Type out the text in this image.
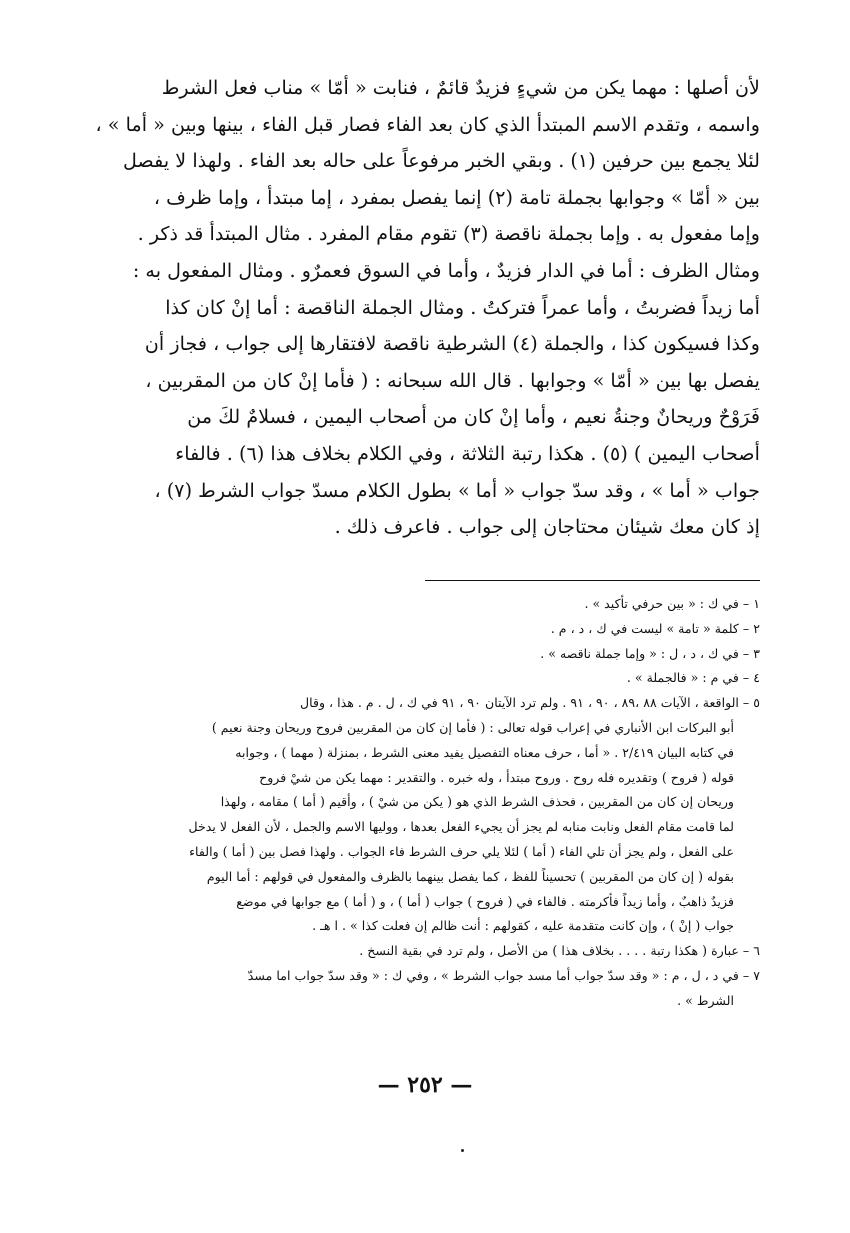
لأن أصلها : مهما يكن من شيءٍ فزيدٌ قائمٌ ، فنابت « أمّا » مناب فعل الشرط
واسمه ، وتقدم الاسم المبتدأ الذي كان بعد الفاء فصار قبل الفاء ، بينها وبين « أما » ،
لئلا يجمع بين حرفين (١) . وبقي الخبر مرفوعاً على حاله بعد الفاء . ولهذا لا يفصل
بين « أمّا » وجوابها بجملة تامة (٢) إنما يفصل بمفرد ، إما مبتدأ ، وإما ظرف ،
وإما مفعول به . وإما بجملة ناقصة (٣) تقوم مقام المفرد . مثال المبتدأ قد ذكر .
ومثال الظرف : أما في الدار فزيدٌ ، وأما في السوق فعمرٌو . ومثال المفعول به :
أما زيداً فضربتُ ، وأما عمراً فتركتُ . ومثال الجملة الناقصة : أما إنْ كان كذا
وكذا فسيكون كذا ، والجملة (٤) الشرطية ناقصة لافتقارها إلى جواب ، فجاز أن
يفصل بها بين « أمّا » وجوابها . قال الله سبحانه : ( فأما إنْ كان من المقربين ،
فَرَوْحٌ وريحانٌ وجنةُ نعيم ، وأما إنْ كان من أصحاب اليمين ، فسلامٌ لكَ من
أصحاب اليمين ) (٥) . هكذا رتبة الثلاثة ، وفي الكلام بخلاف هذا (٦) . فالفاء
جواب « أما » ، وقد سدّ جواب « أما » بطول الكلام مسدّ جواب الشرط (٧) ،
إذ كان معك شيئان محتاجان إلى جواب . فاعرف ذلك .
١ – في ك : « بين حرفي تأكيد » .
٢ – كلمة « تامة » ليست في ك ، د ، م .
٣ – في ك ، د ، ل : « وإما جملة ناقصه » .
٤ – في م : « فالجملة » .
٥ – الواقعة ، الآيات ٨٨ ،٨٩ ، ٩٠ ، ٩١ . ولم ترد الآيتان ٩٠ ، ٩١ في ك ، ل . م . هذا ، وقال
أبو البركات ابن الأنباري في إعراب قوله تعالى : ( فأما إن كان من المقربين فروح وريحان وجنة نعيم )
في كتابه البيان ٢/٤١٩ . « أما ، حرف معناه التفصيل يفيد معنى الشرط ، بمنزلة ( مهما ) ، وجوابه
قوله ( فروح ) وتقديره فله روح . وروح مبتدأ ، وله خبره . والتقدير : مهما يكن من شيْ فروح
وريحان إن كان من المقربين ، فحذف الشرط الذي هو ( يكن من شيْ ) ، وأقيم ( أما ) مقامه ، ولهذا
لما قامت مقام الفعل ونابت منابه لم يجز أن يجيء الفعل بعدها ، ووليها الاسم والجمل ، لأن الفعل لا يدخل
على الفعل ، ولم يجز أن تلي الفاء ( أما ) لئلا يلي حرف الشرط فاء الجواب . ولهذا فصل بين ( أما ) والفاء
بقوله ( إن كان من المقربين ) تحسيناً للفظ ، كما يفصل بينهما بالظرف والمفعول في قولهم : أما اليوم
فزيدٌ ذاهبٌ ، وأما زيداً فأكرمته . فالفاء في ( فروح ) جواب ( أما ) ، و ( أما ) مع جوابها في موضع
جواب ( إنْ ) ، وإن كانت متقدمة عليه ، كقولهم : أنت ظالم إن فعلت كذا » . ا هـ .
٦ – عبارة ( هكذا رتبة . . . . بخلاف هذا ) من الأصل ، ولم ترد في بقية النسخ .
٧ – في د ، ل ، م : « وقد سدّ جواب أما مسد جواب الشرط » ، وفي ك : « وقد سدّ جواب اما مسدّ
الشرط » .
— ٢٥٢ —
